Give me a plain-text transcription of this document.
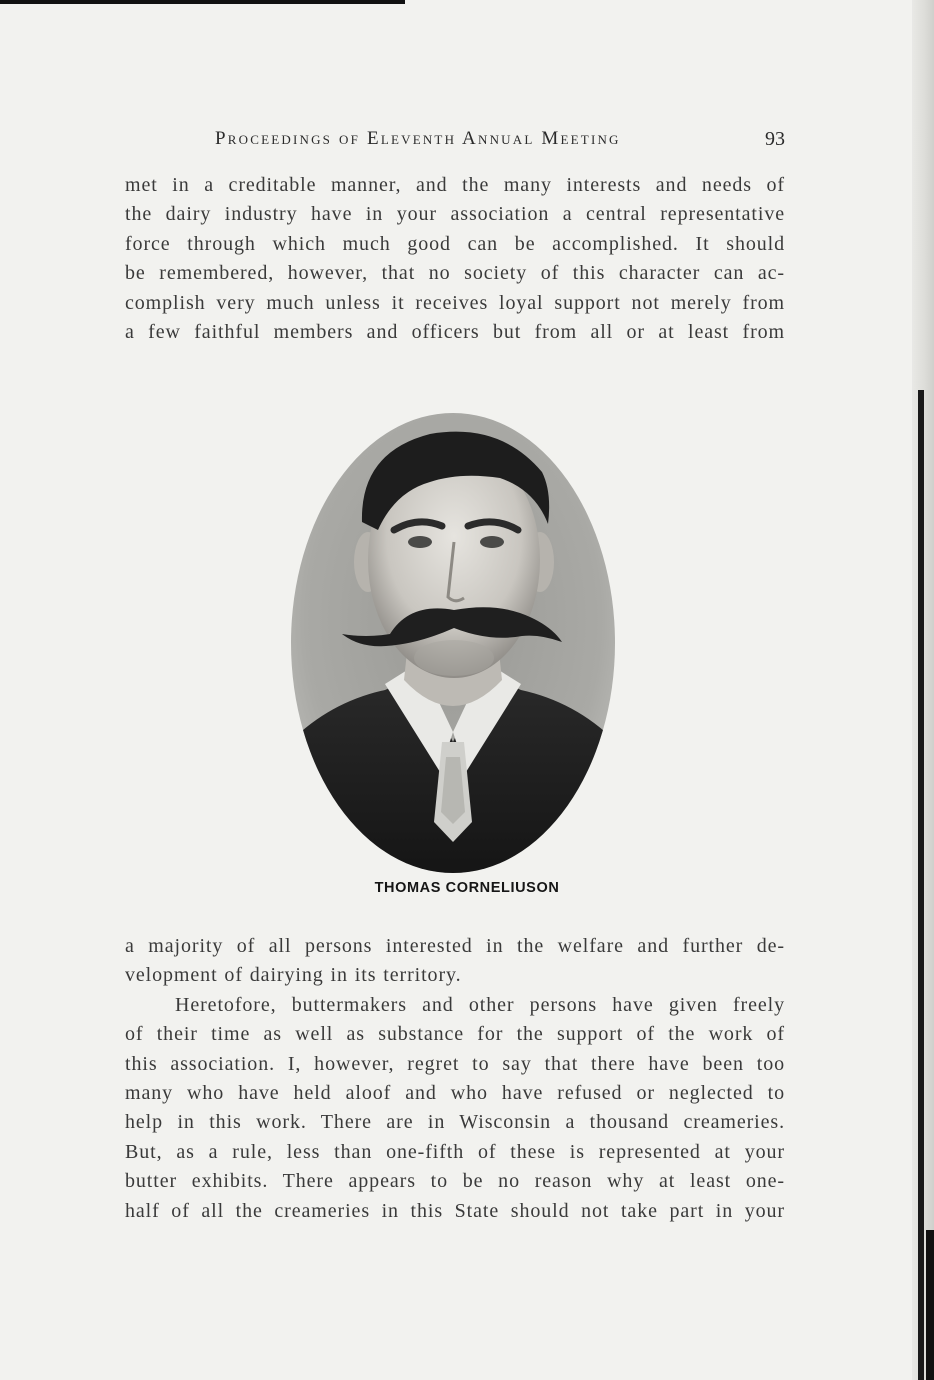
Proceedings of Eleventh Annual Meeting	93
met in a creditable manner, and the many interests and needs of
the dairy industry have in your association a central representative
force through which much good can be accomplished. It should
be remembered, however, that no society of this character can ac-
complish very much unless it receives loyal support not merely from
a few faithful members and officers but from all or at least from
THOMAS CORNELIUSON
a majority of all persons interested in the welfare and further de-
velopment of dairying in its territory.
Heretofore, buttermakers and other persons have given freely
of their time as well as substance for the support of the work of
this association. I, however, regret to say that there have been too
many who have held aloof and who have refused or neglected to
help in this work. There are in Wisconsin a thousand creameries.
But, as a rule, less than one-fifth of these is represented at your
butter exhibits. There appears to be no reason why at least one-
half of all the creameries in this State should not take part in your
